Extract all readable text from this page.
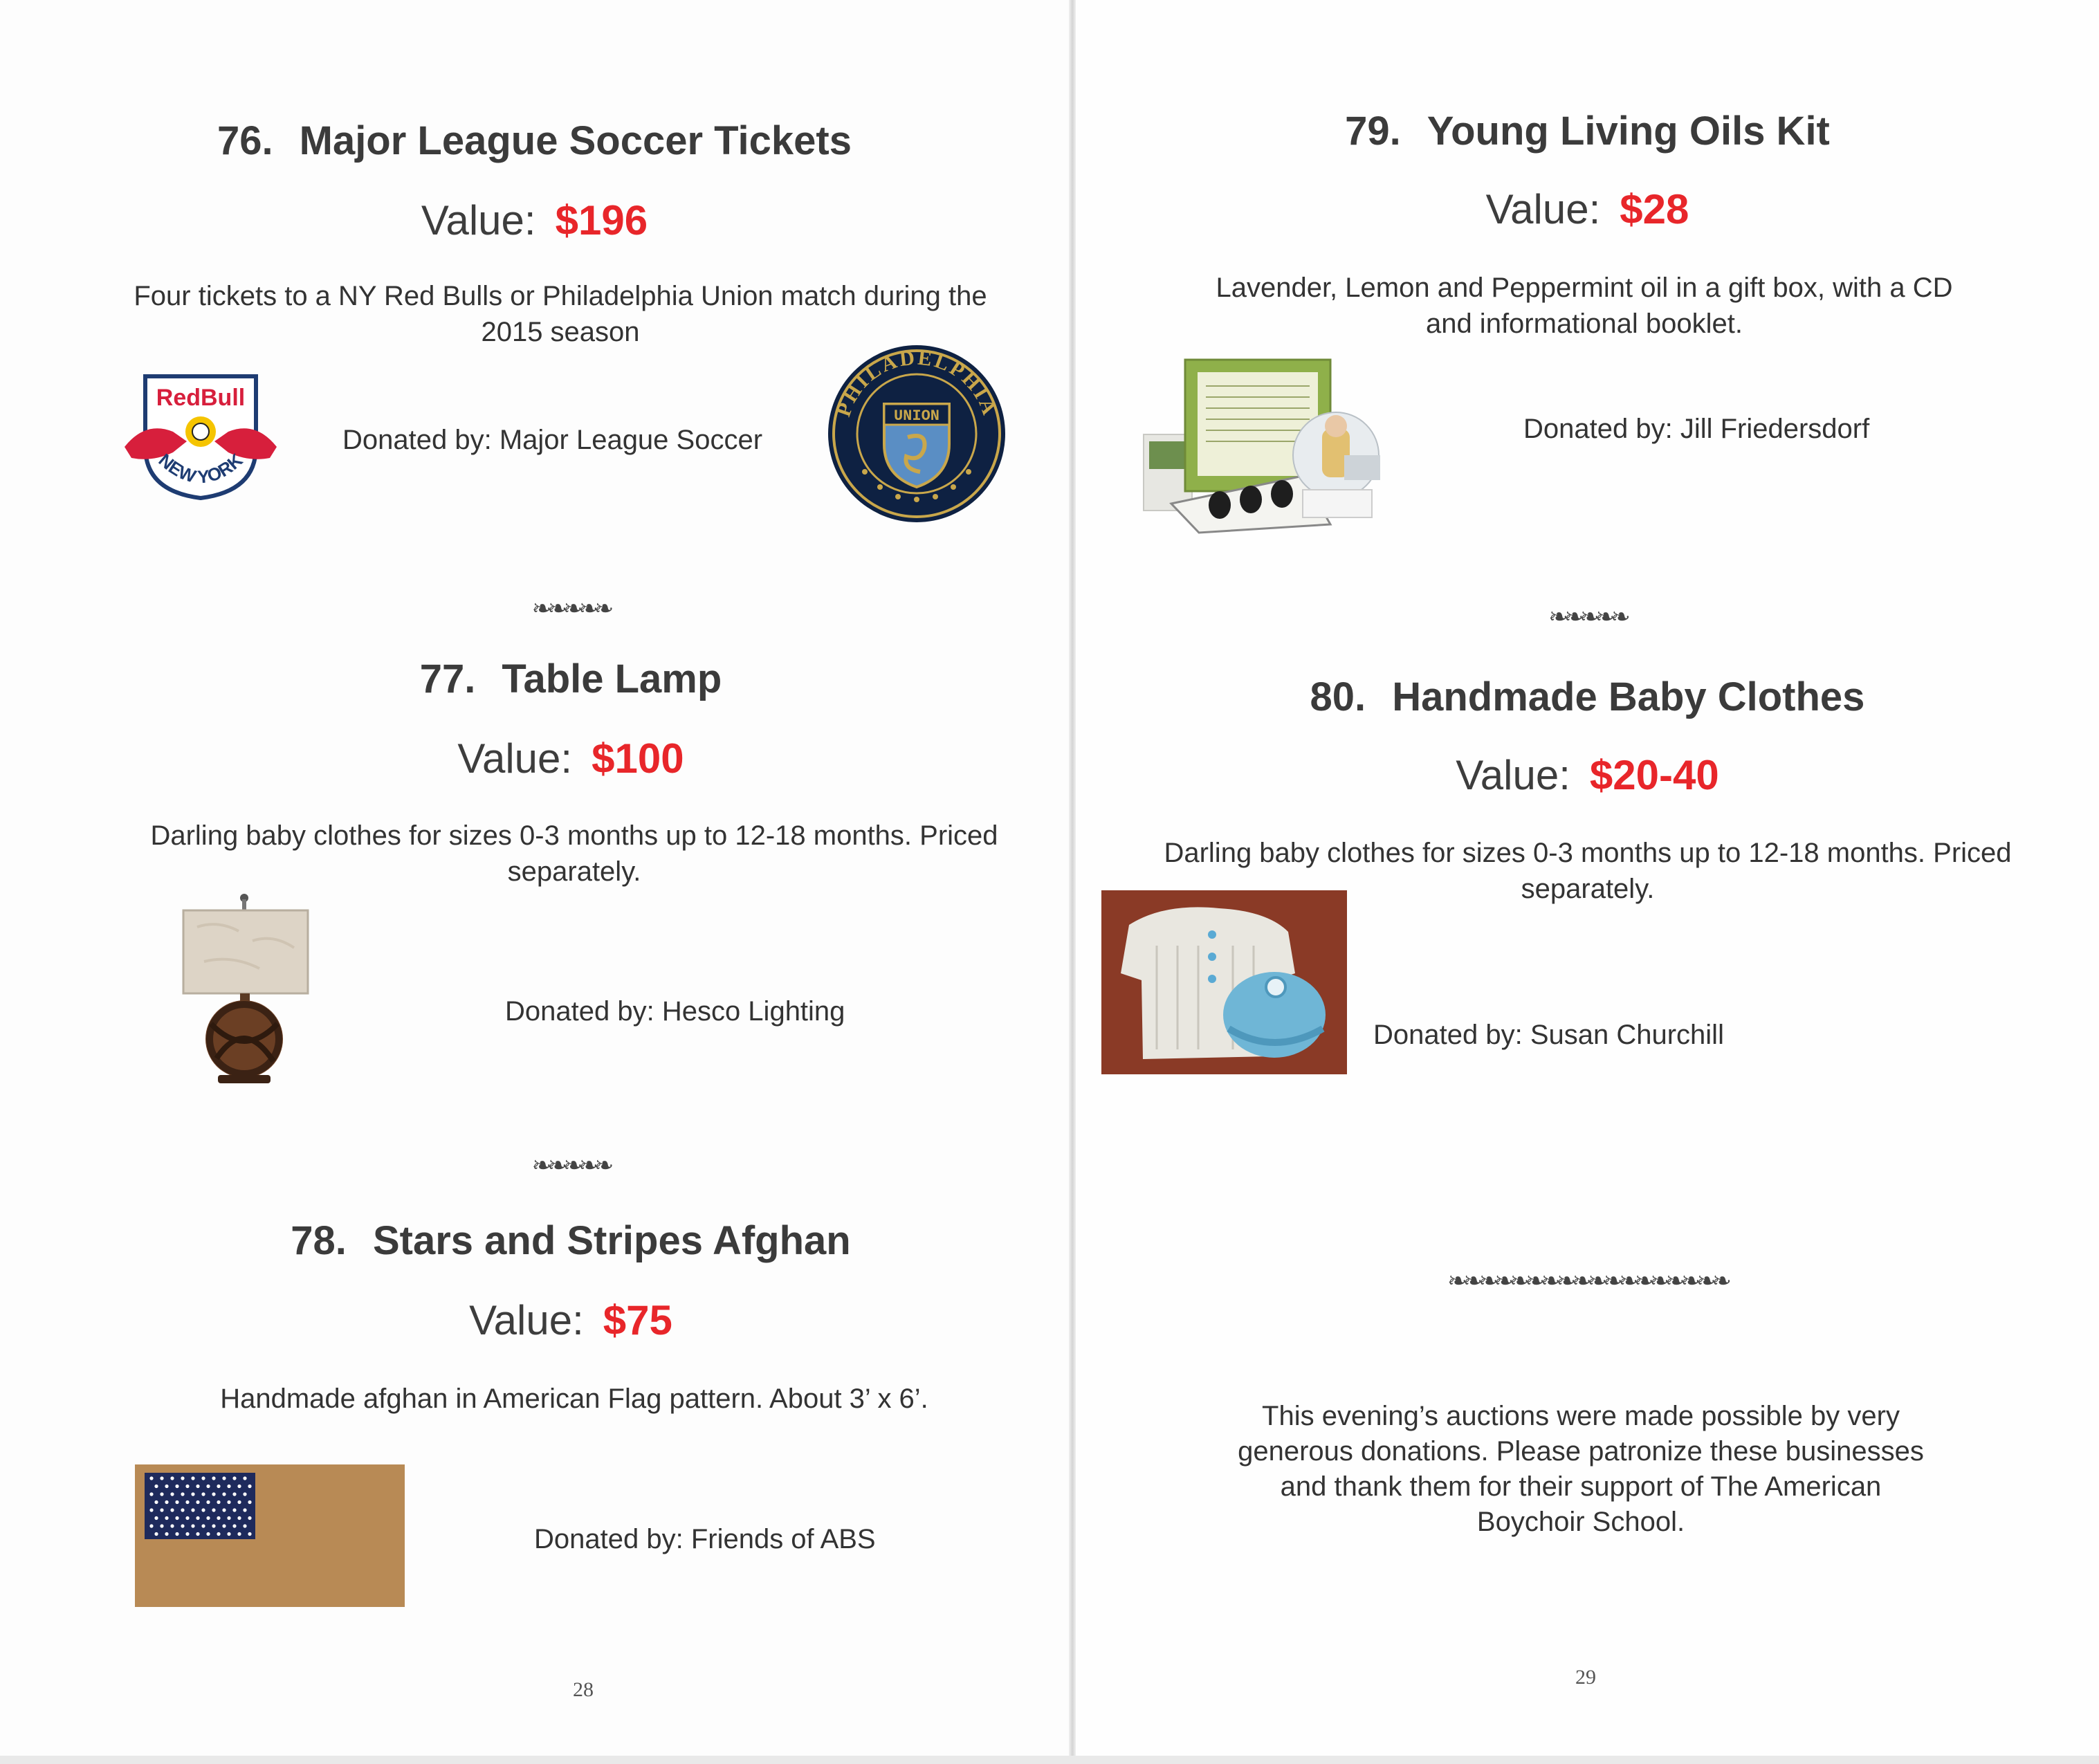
76. Major League Soccer Tickets
Value: $196
Four tickets to a NY Red Bulls or Philadelphia Union match during the 2015 season
RedBull
NEW YORK
Donated by: Major League Soccer
PHILADELPHIA
UNION
❧❧❧❧❧
77. Table Lamp
Value: $100
Darling baby clothes for sizes 0-3 months up to 12-18 months. Priced separately.
Donated by: Hesco Lighting
❧❧❧❧❧
78. Stars and Stripes Afghan
Value: $75
Handmade afghan in American Flag pattern. About 3’ x 6’.
Donated by: Friends of ABS
28
79. Young Living Oils Kit
Value: $28
Lavender, Lemon and Peppermint oil in a gift box, with a CD and informational booklet.
Donated by: Jill Friedersdorf
❧❧❧❧❧
80. Handmade Baby Clothes
Value: $20-40
Darling baby clothes for sizes 0-3 months up to 12-18 months. Priced separately.
Donated by: Susan Churchill
❧❧❧❧❧❧❧❧❧❧❧❧❧❧❧❧❧❧
This evening’s auctions were made possible by very generous donations. Please patronize these businesses and thank them for their support of The American Boychoir School.
29
